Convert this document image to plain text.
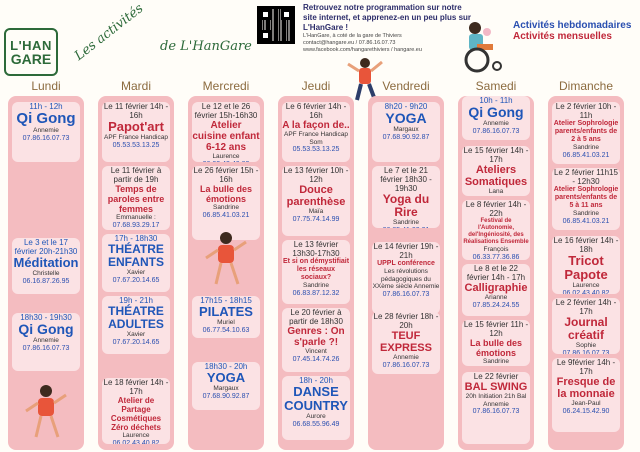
L'HAN
GARE Les activités de L'HanGare
Retrouvez notre programmation sur notre site internet, et apprenez-en un peu plus sur L'HanGare !
L'HanGare, à coté de la gare de Thiviers
contact@hangare.eu / 07.86.16.07.73
www.facebook.com/hangarethiviers / hangare.eu
Activités hebdomadaires
Activités mensuelles
Lundi	Mardi	Mercredi	Jeudi	Vendredi	Samedi	Dimanche
11h - 12h
Qi Gong
Annemie
07.86.16.07.73
Le 3 et le 17 février 20h-21h30
Méditation
Christelle
06.16.87.26.95
18h30 - 19h30
Qi Gong
Annemie
07.86.16.07.73
Le 11 février 14h - 16h
Papot'art
APF France Handicap
05.53.53.13.25
Le 11 février à partir de 19h
Temps de paroles entre femmes
Emmanuelle :
07.68.93.29.17
17h - 18h30
THÉATRE ENFANTS
Xavier
07.67.20.14.65
19h - 21h
THÉATRE ADULTES
Xavier
07.67.20.14.65
Le 18 février 14h - 17h
Atelier de Partage Cosmétiques Zéro déchets
Laurence
06.02.43.40.82
Le 12 et le 26 février 15h-16h30
Atelier cuisine enfant 6-12 ans
Laurence
Le 26 février 15h - 16h
La bulle des émotions
Sandrine
06.85.41.03.21
17h15 - 18h15
PILATES
Muriel
06.77.54.10.63
18h30 - 20h
YOGA
Margaux
07.68.90.92.87
Le 6 février 14h - 16h
A la façon de..
APF France Handicap Som
05.53.53.13.25
Le 13 février 10h - 12h
Douce parenthèse
Maïa
07.75.74.14.99
Le 13 février 13h30-17h30
Et si on démystifiait les réseaux sociaux?
Sandrine
06.83.87.12.32
Le 20 février à partir de 18h30
Genres : On s'parle ?!
Vincent
07.45.14.74.26
18h - 20h
DANSE COUNTRY
Aurore
06.68.55.96.49
8h20 - 9h20
YOGA
Margaux
07.68.90.92.87
Le 7 et le 21 février 18h30 - 19h30
Yoga du Rire
Sandrine
Le 14 février 19h - 21h
UPPL conférence
Les révolutions pédagogiques du XXème siècle Annemie
07.86.16.07.73
Le 28 février 18h - 20h
TEUF EXPRESS
Annemie
07.86.16.07.73
10h - 11h
Qi Gong
Annemie
07.86.16.07.73
Le 15 février 14h - 17h
Ateliers Somatiques
Lana
Le 8 février 14h - 22h
Festival de l'Autonomie, del'Ingéniosité, des Réalisations Ensemble
François
06.33.77.36.86
Le 8 et le 22 février 14h - 17h
Calligraphie
Arianne
07.85.24.24.55
Le 15 février 11h - 12h
La bulle des émotions
Sandrine
Le 22 février
BAL SWING
20h Initiation 21h Bal Annemie
07.86.16.07.73
Le 2 février 10h - 11h
Atelier Sophrologie parents/enfants de 2 à 5 ans
Sandrine
06.85.41.03.21
Le 2 février 11h15 - 12h30
Atelier Sophrologie parents/enfants de 5 à 11 ans
Sandrine
06.85.41.03.21
Le 16 février 14h - 18h
Tricot Papote
Laurence
06.02.43.40.82
Le 2 février 14h - 17h
Journal créatif
Sophie
07.86.16.07.73
Le 9février 14h - 17h
Fresque de la monnaie
Jean-Paul
06.24.15.42.90
